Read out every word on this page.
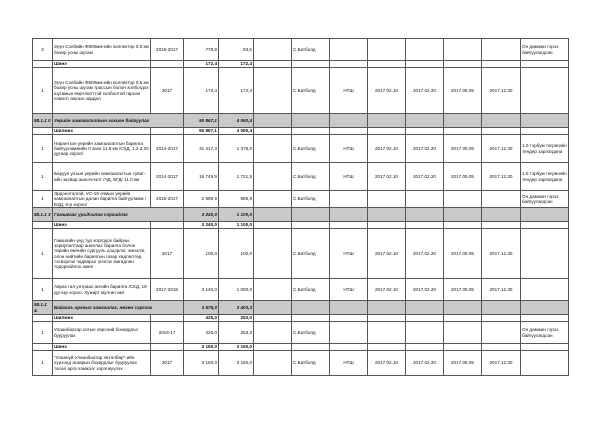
3	Зүүн Сэлбийн Ф500мм-ийн коллектор 0,5 км бохир усны шугам	2015-2017	778,8	93,5		С.Батболд						Он дамжин гэрээ байгуулагдсан
	Шинэ		172,4	172,4								
1	Зүүн Сэлбийн Ф500мм-ийн коллектор 0,5 км бохир усны шугам трассын болон холбогдох шугамын өөрчлөлттэй холбоотой гарсан нэмэлт ажлын зардал	2017	172,4	172,4		С.Батболд	НТШ	2017.02.10	2017.02.20	2017.05.05	2017.12.30	
58.1.1 0	Уерийн хамгаалалтын зохион байгуулах		50 867,1	4 060,4								
	Шилжих		50 867,1	4 060,4								
1	Наранткэн уерийн хамгаалалтын барилга байгууламжийн II залк 11.8 км /СХД, 1.2.3.20 дугаар хороо/	2014-2017	31 417,3	1 378,0		С.Батболд	НТШ	2017.02.10	2017.02.20	2017.05.05	2017.12.30	1.0 тэрбум төгрөгийн тендер зарлагдана
1	Баруун улзын уерийн хамгаалалтын сувагийн засвар шинэчлэлт /ЧД, БГД/ 11.0 км	2014-2017	16 749,9	1 721,5		С.Батболд	НТШ	2017.02.10	2017.02.20	2017.05.05	2017.12.30	1.0 тэрбум төгрөгийн тендер зарлагдана
1	Эрдэнэтолгой, УС-15 очмын уерийн хамгаалалтын далан барилга байгууламж /БЗД, 8-р хороо/	2015-2017	2 699,9	959,9		С.Батболд						Он дамжин гэрээ байгуулагдсан
58.1.1 3	Гамшгаас урьдчилан сэргийлэх		3 240,0	1 100,0								
	Шинэ		3 240,0	1 100,0								
1	Гамшгийн үед тур хоргодох байрны зориулалтаар ашиглах барилга болон төрийн өмчийн сургууль цэцэрлэг, эмнэлэг, олон нийтийн барилгын газар хөдлөлтөд тэсвэрлэх чадварыг үнэлэх магадлан тодорхойлох ажил	2017	100,0	100,0		С.Батболд	НТШ	2017.02.10	2017.02.20	2017.05.05	2017.12.30	
1	Аврах гал унтраах ангийн барилга /СХД, 19 дүгээр хороо, Хужирт мулгин ам/	2017-2018	3 140,0	1 000,0		С.Батболд	НТШ	2017.02.10	2017.02.20	2017.05.05	2017.12.30	
58.1.1 4.	Байгаль орчныг хамгаалах, нөхөн сэргээх		3 575,0	3 403,3								
	Шилжих		425,0	253,0								
1	Улаанбаатар хотын хөрсний бохирдлыг бууруулах	2016-17	425,0	253,3		С.Батболд						Он дамжин гэрээ байгуулагдсан
	Шинэ		3 150,0	3 150,0								
1	"Улаанүй Улаанбаатар хөтөлбөр"-ийн хүрээнд агаарын бохирдлыг бууруулах төсөл арга хэмжээг хэрэгжүүлэх	2017	3 150,0	3 150,0		С.Батболд	НТШ	2017.02.10	2017.02.20	2017.05.05	2017.12.30	
